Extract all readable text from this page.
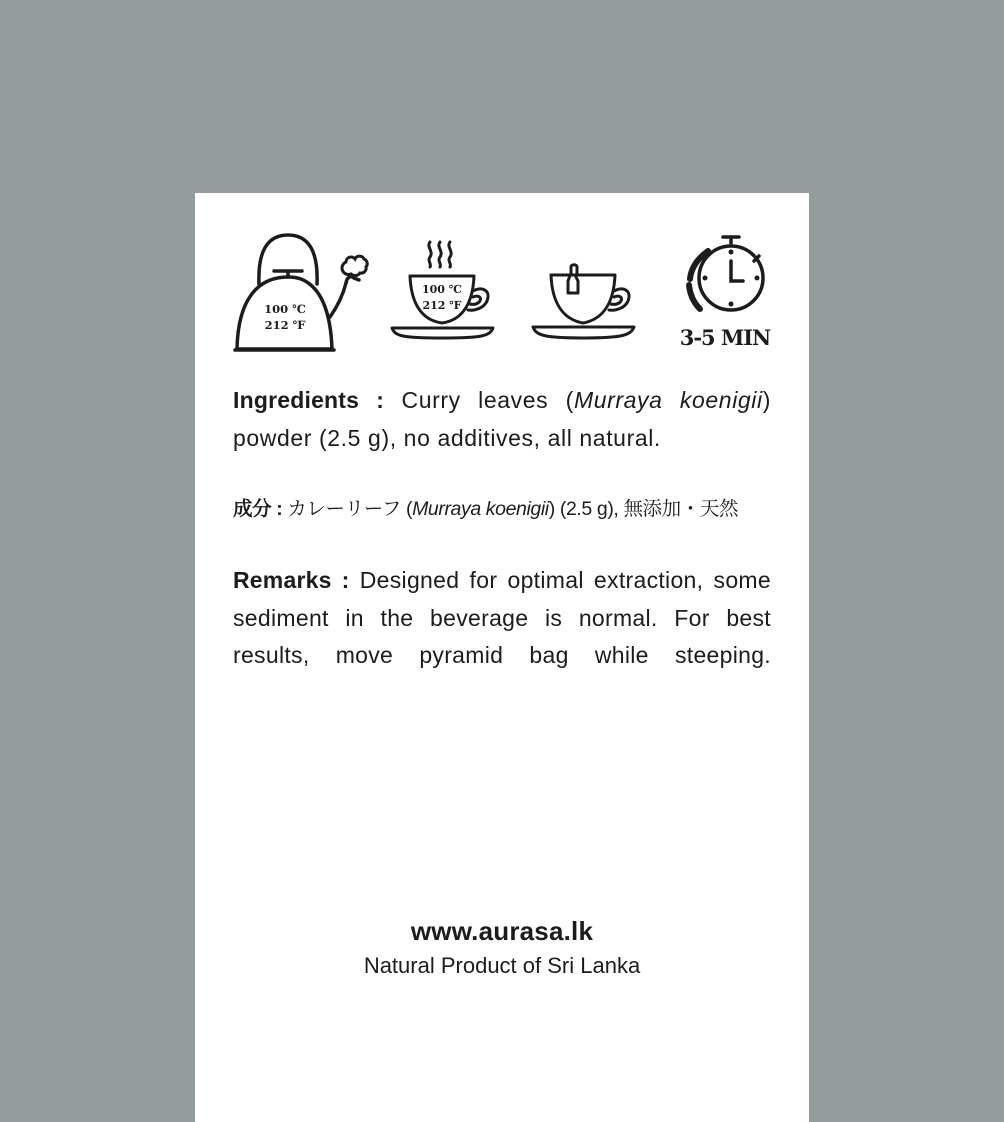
100 ℃
212 ℉
100 ℃
212 ℉
3-5 MIN
Ingredients : Curry leaves (Murraya koenigii) powder (2.5 g), no additives, all natural.
成分 : カレーリーフ (Murraya koenigii) (2.5 g), 無添加・天然
Remarks : Designed for optimal extraction, some sediment in the beverage is normal. For best results, move pyramid bag while steeping.
www.aurasa.lk
Natural Product of Sri Lanka
